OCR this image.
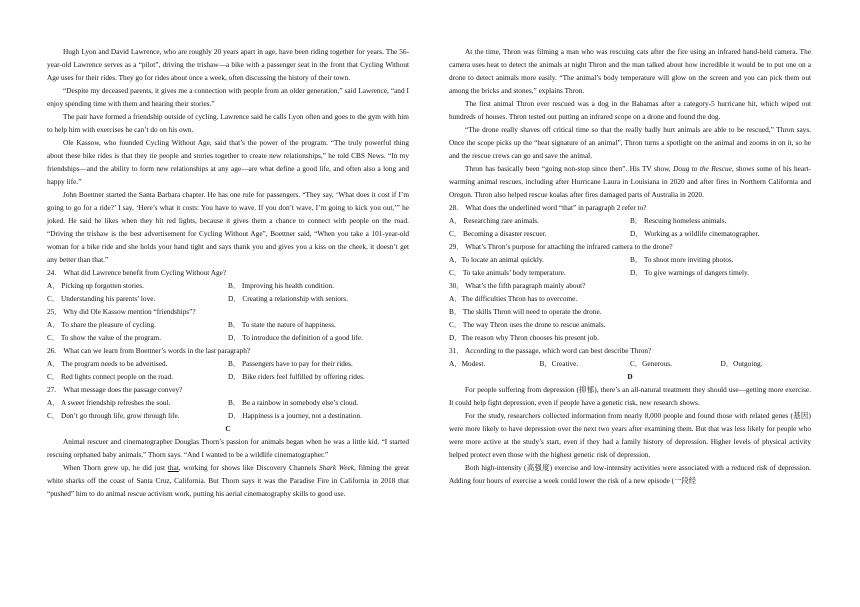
Hugh Lyon and David Lawrence, who are roughly 20 years apart in age, have been riding together for years. The 56-year-old Lawrence serves as a “pilot”, driving the trishaw—a bike with a passenger seat in the front that Cycling Without Age uses for their rides. They go for rides about once a week, often discussing the history of their town.

“Despite my deceased parents, it gives me a connection with people from an older generation,” said Lawrence, “and I enjoy spending time with them and hearing their stories.”

The pair have formed a friendship outside of cycling. Lawrence said he calls Lyon often and goes to the gym with him to help him with exercises he can’t do on his own.

Ole Kassow, who founded Cycling Without Age, said that’s the power of the program. “The truly powerful thing about these bike rides is that they tie people and stories together to create new relationships,” he told CBS News. “In my friendships—and the ability to form new relationships at any age—are what define a good life, and often also a long and happy life.”

John Boettner started the Santa Barbara chapter. He has one rule for passengers. “They say, ‘What does it cost if I’m going to go for a ride?’ I say, ‘Here’s what it costs: You have to wave. If you don’t wave, I’m going to kick you out,’” he joked. He said he likes when they hit red lights, because it gives them a chance to connect with people on the road. “Driving the trishaw is the best advertisement for Cycling Without Age”, Boettner said, “When you take a 101-year-old woman for a bike ride and she holds your hand tight and says thank you and gives you a kiss on the cheek, it doesn’t get any better than that.”

24. What did Lawrence benefit from Cycling Without Age?

A． Picking up forgotten stories.	B． Improving his health condition.
C． Understanding his parents’ love.	D． Creating a relationship with seniors.

25． Why did Ole Kassow mention “friendships”?

A． To share the pleasure of cycling.	B． To state the nature of happiness.
C． To show the value of the program.	D． To introduce the definition of a good life.

26. What can we learn from Boettner’s words in the last paragraph?

A． The program needs to be advertised.	B． Passengers have to pay for their rides.
C． Red lights connect people on the road.	D． Bike riders feel fulfilled by offering rides.

27. What message does the passage convey?

A． A sweet friendship refreshes the soul.	B． Be a rainbow in somebody else’s cloud.
C． Don’t go through life, grow through life.	D． Happiness is a journey, not a destination.

C

Animal rescuer and cinematographer Douglas Thorn’s passion for animals began when he was a little kid. “I started rescuing orphaned baby animals,” Thorn says. “And I wanted to be a wildlife cinematographer.”

When Thorn grew up, he did just that, working for shows like Discovery Channels Shark Week, filming the great white sharks off the coast of Santa Cruz, California. But Thorn says it was the Paradise Fire in California in 2018 that “pushed” him to do animal rescue activism work, putting his aerial cinematography skills to good use.

At the time, Thron was filming a man who was rescuing cats after the fire using an infrared hand-held camera. The camera uses heat to detect the animals at night Thron and the man talked about how incredible it would be to put one on a drone to detect animals more easily. “The animal’s body temperature will glow on the screen and you can pick them out among the bricks and stones,” explains Thron.

The first animal Thron ever rescued was a dog in the Bahamas after a category-5 hurricane hit, which wiped out hundreds of houses. Thron tested out putting an infrared scope on a drone and found the dog.

“The drone really shaves off critical time so that the really badly hurt animals are able to be rescued,” Thron says. Once the scope picks up the “heat signature of an animal”, Thron turns a spotlight on the animal and zooms in on it, so he and the rescue crews can go and save the animal.

Thron has basically been “going non-stop since then”. His TV show, Doug to the Rescue, shows some of his heart-warming animal rescues, including after Hurricane Laura in Louisiana in 2020 and after fires in Northern California and Oregon. Thron also helped rescue koalas after fires damaged parts of Australia in 2020.

28. What does the underlined word “that” in paragraph 2 refer to?

A． Researching rare animals.	B． Rescuing homeless animals.
C． Becoming a disaster rescuer.	D． Working as a wildlife cinematographer.

29． What’s Thron’s purpose for attaching the infrared camera to the drone?

A．To locate an animal quickly.	B． To shoot more inviting photos.
C． To take animals’ body temperature.	D． To give warnings of dangers timely.

30． What’s the fifth paragraph mainly about?

A．The difficulties Thron has to overcome.

B． The skills Thron will need to operate the drone.

C． The way Thron uses the drone to rescue animals.

D．The reason why Thron chooses his present job.

31． According to the passage, which word can best describe Thron?

A．Modest.	B．Creative.	C．Generous.	D．Outgoing.

D

For people suffering from depression (抑郁), there’s an all-natural treatment they should use—getting more exercise. It could help fight depression, even if people have a genetic risk, new research shows.

For the study, researchers collected information from nearly 8,000 people and found those with related genes (基因) were more likely to have depression over the next two years after examining them. But that was less likely for people who were more active at the study’s start, even if they had a family history of depression. Higher levels of physical activity helped protect even those with the highest genetic risk of depression.

Both high-intensity (高强度) exercise and low-intensity activities were associated with a reduced risk of depression. Adding four hours of exercise a week could lower the risk of a new episode (一段经
